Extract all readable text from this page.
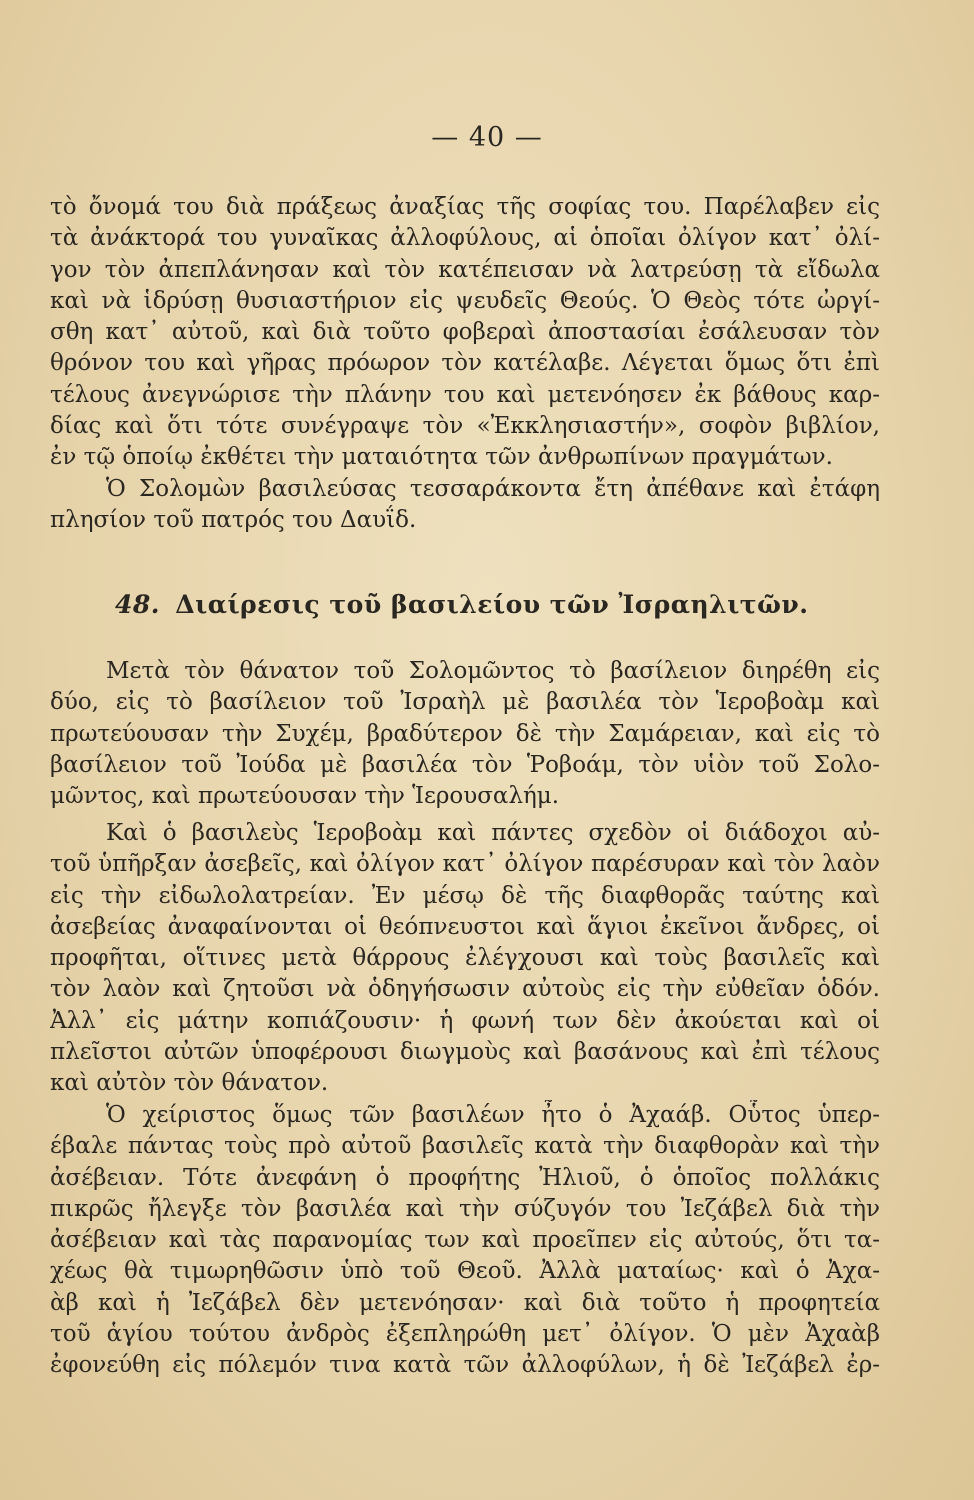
— 40 —
τὸ ὄνομά του διὰ πράξεως ἀναξίας τῆς σοφίας του. Παρέλαβεν εἰς
τὰ ἀνάκτορά του γυναῖκας ἀλλοφύλους, αἱ ὁποῖαι ὀλίγον κατ᾽ ὀλί-
γον τὸν ἀπεπλάνησαν καὶ τὸν κατέπεισαν νὰ λατρεύσῃ τὰ εἴδωλα
καὶ νὰ ἱδρύσῃ θυσιαστήριον εἰς ψευδεῖς Θεούς. Ὁ Θεὸς τότε ὠργί-
σθη κατ᾽ αὐτοῦ, καὶ διὰ τοῦτο φοβεραὶ ἀποστασίαι ἐσάλευσαν τὸν
θρόνον του καὶ γῆρας πρόωρον τὸν κατέλαβε. Λέγεται ὅμως ὅτι ἐπὶ
τέλους ἀνεγνώρισε τὴν πλάνην του καὶ μετενόησεν ἐκ βάθους καρ-
δίας καὶ ὅτι τότε συνέγραψε τὸν «Ἐκκλησιαστήν», σοφὸν βιβλίον,
ἐν τῷ ὁποίῳ ἐκθέτει τὴν ματαιότητα τῶν ἀνθρωπίνων πραγμάτων.
Ὁ Σολομὼν βασιλεύσας τεσσαράκοντα ἔτη ἀπέθανε καὶ ἐτάφη
πλησίον τοῦ πατρός του Δαυΐδ.
48. Διαίρεσις τοῦ βασιλείου τῶν Ἰσραηλιτῶν.
Μετὰ τὸν θάνατον τοῦ Σολομῶντος τὸ βασίλειον διηρέθη εἰς
δύο, εἰς τὸ βασίλειον τοῦ Ἰσραὴλ μὲ βασιλέα τὸν Ἱεροβοὰμ καὶ
πρωτεύουσαν τὴν Συχέμ, βραδύτερον δὲ τὴν Σαμάρειαν, καὶ εἰς τὸ
βασίλειον τοῦ Ἰούδα μὲ βασιλέα τὸν Ῥοβοάμ, τὸν υἱὸν τοῦ Σολο-
μῶντος, καὶ πρωτεύουσαν τὴν Ἱερουσαλήμ.
Καὶ ὁ βασιλεὺς Ἱεροβοὰμ καὶ πάντες σχεδὸν οἱ διάδοχοι αὐ-
τοῦ ὑπῆρξαν ἀσεβεῖς, καὶ ὀλίγον κατ᾽ ὀλίγον παρέσυραν καὶ τὸν λαὸν
εἰς τὴν εἰδωλολατρείαν. Ἐν μέσῳ δὲ τῆς διαφθορᾶς ταύτης καὶ
ἀσεβείας ἀναφαίνονται οἱ θεόπνευστοι καὶ ἅγιοι ἐκεῖνοι ἄνδρες, οἱ
προφῆται, οἵτινες μετὰ θάρρους ἐλέγχουσι καὶ τοὺς βασιλεῖς καὶ
τὸν λαὸν καὶ ζητοῦσι νὰ ὁδηγήσωσιν αὐτοὺς εἰς τὴν εὐθεῖαν ὁδόν.
Ἀλλ᾽ εἰς μάτην κοπιάζουσιν· ἡ φωνή των δὲν ἀκούεται καὶ οἱ
πλεῖστοι αὐτῶν ὑποφέρουσι διωγμοὺς καὶ βασάνους καὶ ἐπὶ τέλους
καὶ αὐτὸν τὸν θάνατον.
Ὁ χείριστος ὅμως τῶν βασιλέων ἦτο ὁ Ἀχαάβ. Οὗτος ὑπερ-
έβαλε πάντας τοὺς πρὸ αὐτοῦ βασιλεῖς κατὰ τὴν διαφθορὰν καὶ τὴν
ἀσέβειαν. Τότε ἀνεφάνη ὁ προφήτης Ἠλιοῦ, ὁ ὁποῖος πολλάκις
πικρῶς ἤλεγξε τὸν βασιλέα καὶ τὴν σύζυγόν του Ἰεζάβελ διὰ τὴν
ἀσέβειαν καὶ τὰς παρανομίας των καὶ προεῖπεν εἰς αὐτούς, ὅτι τα-
χέως θὰ τιμωρηθῶσιν ὑπὸ τοῦ Θεοῦ. Ἀλλὰ ματαίως· καὶ ὁ Ἀχα-
ὰβ καὶ ἡ Ἰεζάβελ δὲν μετενόησαν· καὶ διὰ τοῦτο ἡ προφητεία
τοῦ ἁγίου τούτου ἀνδρὸς ἐξεπληρώθη μετ᾽ ὀλίγον. Ὁ μὲν Ἀχαὰβ
ἐφονεύθη εἰς πόλεμόν τινα κατὰ τῶν ἀλλοφύλων, ἡ δὲ Ἰεζάβελ ἐρ-
